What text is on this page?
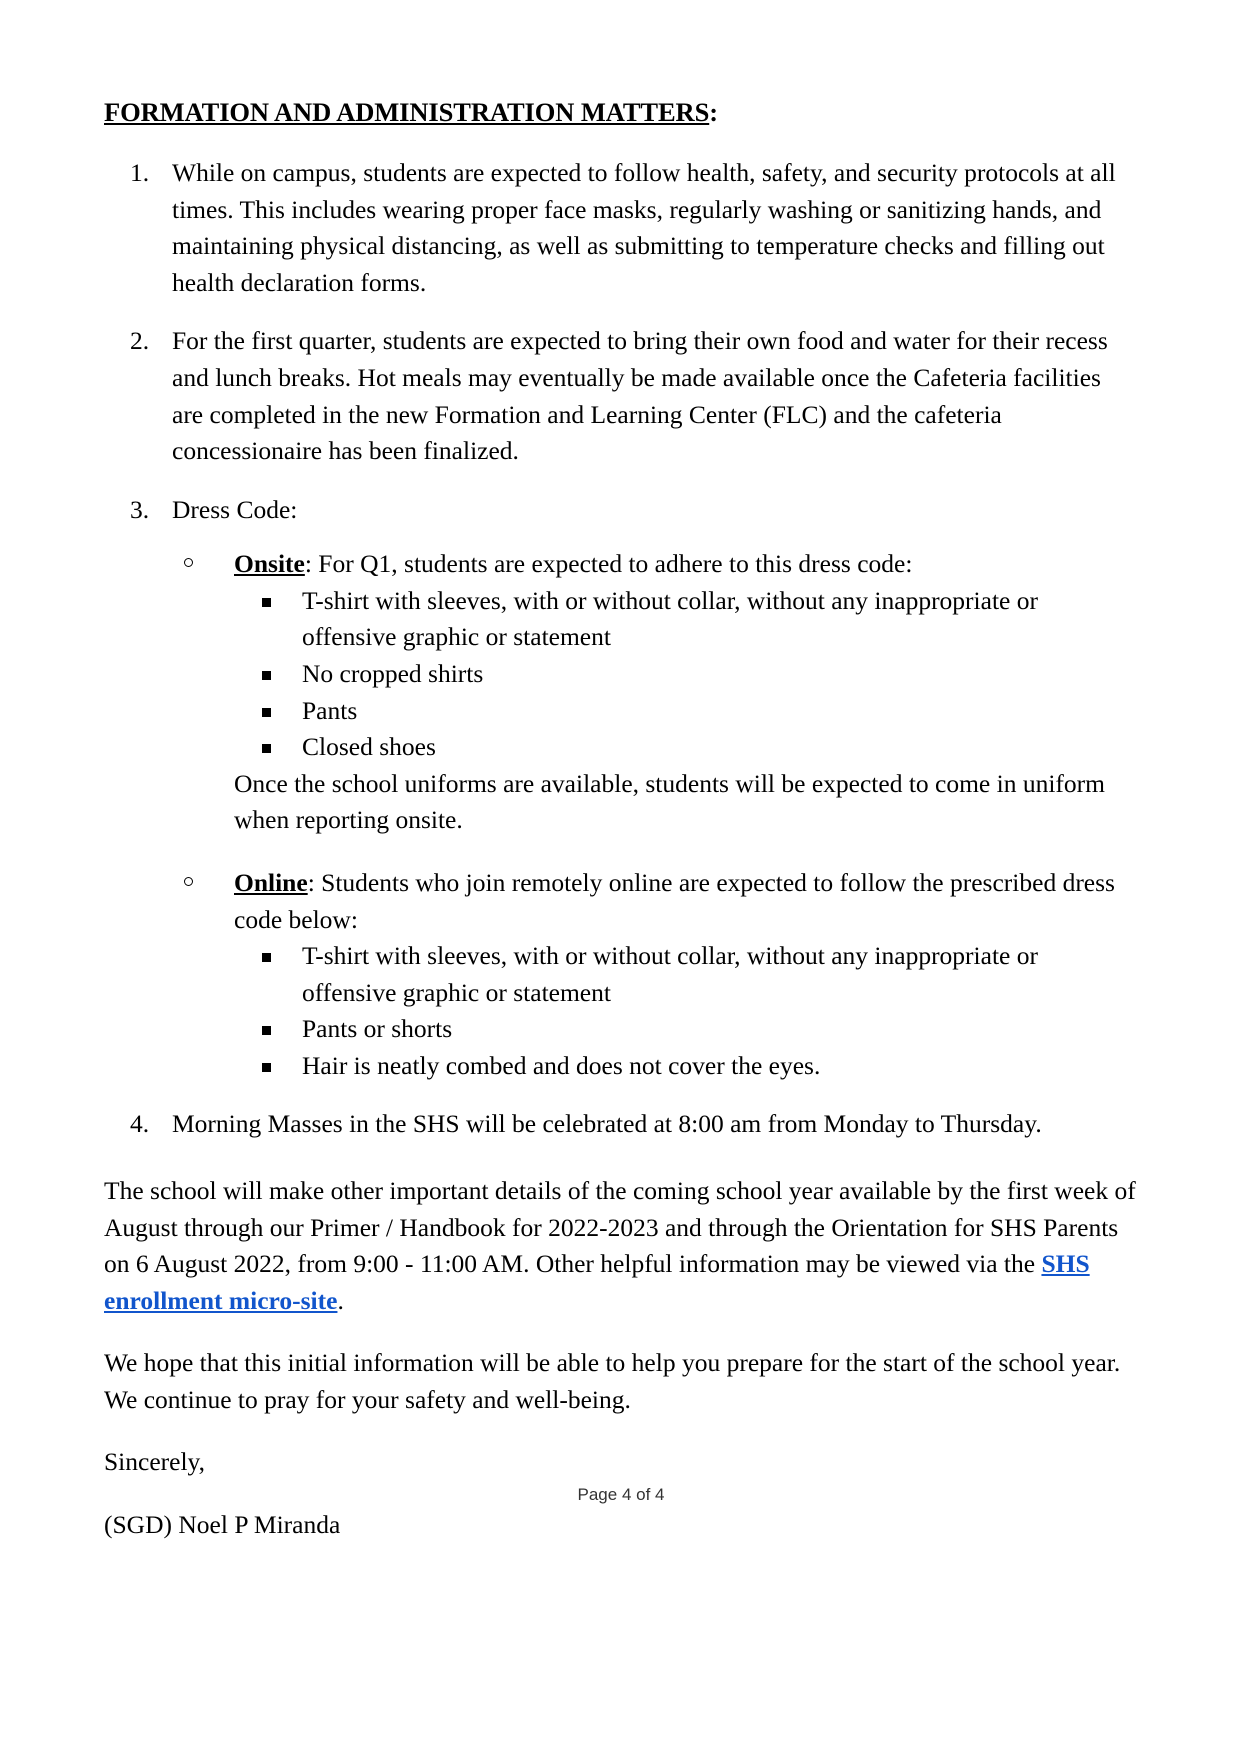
FORMATION AND ADMINISTRATION MATTERS:
1. While on campus, students are expected to follow health, safety, and security protocols at all times. This includes wearing proper face masks, regularly washing or sanitizing hands, and maintaining physical distancing, as well as submitting to temperature checks and filling out health declaration forms.
2. For the first quarter, students are expected to bring their own food and water for their recess and lunch breaks. Hot meals may eventually be made available once the Cafeteria facilities are completed in the new Formation and Learning Center (FLC) and the cafeteria concessionaire has been finalized.
3. Dress Code:
Onsite: For Q1, students are expected to adhere to this dress code:
T-shirt with sleeves, with or without collar, without any inappropriate or offensive graphic or statement
No cropped shirts
Pants
Closed shoes
Once the school uniforms are available, students will be expected to come in uniform when reporting onsite.
Online: Students who join remotely online are expected to follow the prescribed dress code below:
T-shirt with sleeves, with or without collar, without any inappropriate or offensive graphic or statement
Pants or shorts
Hair is neatly combed and does not cover the eyes.
4. Morning Masses in the SHS will be celebrated at 8:00 am from Monday to Thursday.

The school will make other important details of the coming school year available by the first week of August through our Primer / Handbook for 2022-2023 and through the Orientation for SHS Parents on 6 August 2022, from 9:00 - 11:00 AM. Other helpful information may be viewed via the SHS enrollment micro-site.

We hope that this initial information will be able to help you prepare for the start of the school year. We continue to pray for your safety and well-being.

Sincerely,

(SGD) Noel P Miranda

Page 4 of 4
